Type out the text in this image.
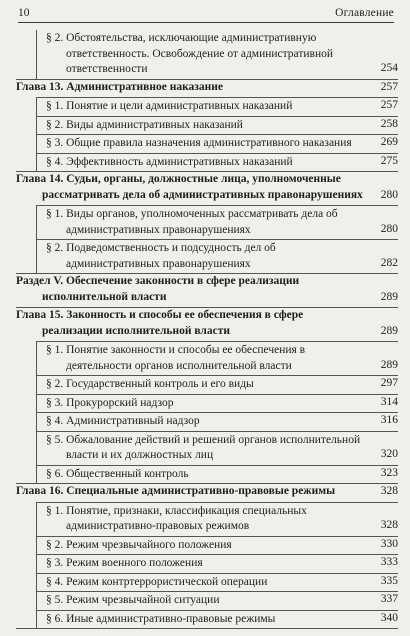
10	Оглавление
§ 2. Обстоятельства, исключающие административную ответственность. Освобождение от административной ответственности	254
Глава 13. Административное наказание	257
§ 1. Понятие и цели административных наказаний	257
§ 2. Виды административных наказаний	258
§ 3. Общие правила назначения административного наказания	269
§ 4. Эффективность административных наказаний	275
Глава 14. Судьи, органы, должностные лица, уполномоченные рассматривать дела об административных правонарушениях	280
§ 1. Виды органов, уполномоченных рассматривать дела об административных правонарушениях	280
§ 2. Подведомственность и подсудность дел об административных правонарушениях	282
Раздел V. Обеспечение законности в сфере реализации исполнительной власти	289
Глава 15. Законность и способы ее обеспечения в сфере реализации исполнительной власти	289
§ 1. Понятие законности и способы ее обеспечения в деятельности органов исполнительной власти	289
§ 2. Государственный контроль и его виды	297
§ 3. Прокурорский надзор	314
§ 4. Административный надзор	316
§ 5. Обжалование действий и решений органов исполнительной власти и их должностных лиц	320
§ 6. Общественный контроль	323
Глава 16. Специальные административно-правовые режимы	328
§ 1. Понятие, признаки, классификация специальных административно-правовых режимов	328
§ 2. Режим чрезвычайного положения	330
§ 3. Режим военного положения	333
§ 4. Режим контртеррористической операции	335
§ 5. Режим чрезвычайной ситуации	337
§ 6. Иные административно-правовые режимы	340
